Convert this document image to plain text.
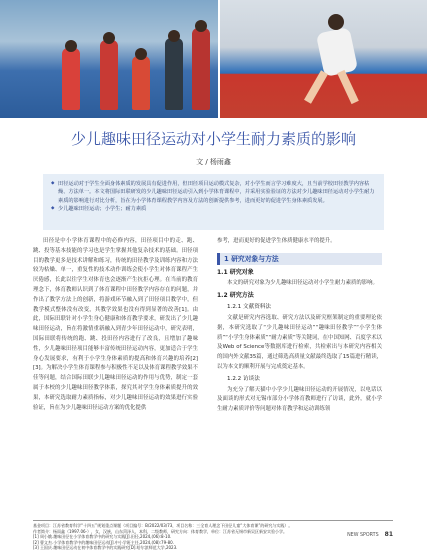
少儿趣味田径运动对小学生耐力素质的影响
文 / 杨雨鑫
◆ 田径运动对于学生全面身体素质的发展具有促进作用，但田径项目运动模式复杂，对小学生而言学习难度大，且当前学校田径教学内容枯燥、方法单一。本文将国际田联研发的少儿趣味田径运动引入到小学体育课程中，并采用实验验证的方法对少儿趣味田径运动对小学生耐力素质的影响进行对比分析，旨在为小学体育课程教学内容及方法的创新提供参考，进而更好的促进学生身体素质发展。
◆ 少儿趣味田径运动；小学生；耐力素质

田径是中小学体育课程中的必修内容，田径项目中的走、跑、跳、投等基本技能的学习也是学生掌握其他复杂技术的基础。田径项目的教学更多是技术讲解和练习，传统的田径教学及训练内容和方法较为枯燥、单一，重复性的技术动作训练会使小学生对体育课程产生厌倦感，长此以往学生对体育也会逐渐产生抗拒心理。在当前的教育理念下，体育教师认识到了体育课程中田径教学内容存在的问题，并作出了教学方法上的创新，将游戏环节融入到了田径项目教学中，但教学模式整体没有改变，其教学效果也没有得到显著的改善[1]。由此，国际田联针对小学生身心健康和体育教学要求，研发出了少儿趣味田径运动，旨在将激情重新融入到青少年田径运动中，研究表明，国际田联将传统的跑、跳、投田径内容进行了改良，且增加了趣味性，少儿趣味田径项目能够丰富传统田径运动内容，更加适合于学生身心发展要求，有利于小学生身体素质的提高和体育兴趣的培养[2][3]。为解决小学生体育课程参与积极性不足以及体育课程教学效果不佳等问题，结合国际田联少儿趣味田径运动的作用与优势，制定一套属于本校的少儿趣味田径教学体系，探究其对学生身体素质提升的效果，本研究选取耐力素质指标，对少儿趣味田径运动的效果进行实验验证，旨在为少儿趣味田径运动方案的优化提供

参考，进而更好的促进学生体质健康水平的提升。

1 研究对象与方法
1.1 研究对象

本文的研究对象为少儿趣味田径运动对小学生耐力素质的影响。

1.2 研究方法
1.2.1 文献资料法

文献是研究内容选取、研究方法以及研究框架制定的重要理论依据，本研究选取了“少儿趣味田径运动”“趣味田径教学”“小学生体质”“小学生身体素质”“耐力素质”等关键词，在中国知网、百度学术以及Web of Science等数据库进行检索，共检索出与本研究内容相关的国内外文献35篇，通过筛选高质量文献最终选取了15篇进行精读，以为本文的顺利开展与完成奠定基本。

1.2.2 访谈法

为充分了解天猫中小学少儿趣味田径运动的开展情况，以电话以及面谈的形式对无锡市部分小学体育教师进行了访谈，此外，就小学生耐力素质评价等问题对体育教学和运动训练领

基金项目：江苏省教育科学“十四五”规划重点课题（项目编号：B/2022/03/73，项目名称：三全育人理念下田径儿童“大体育课”的研究与实践）。
作者简介：杨雨鑫（1997.06-），女，汉族，山东菏泽人，本科，二级教师，研究方向：体育教学，单位：江苏省无锡市新吴区新安实验小学。
[1] 周小娥.趣味田径在小学体育教学中的研究与实践[J].田径,2024,(06):8-10.
[2] 曹文杰.小学体育教学中的趣味田径运动[J].中小学班主任,2024,(08):79-80.
[3] 王国庆.趣味田径运动在初中体育教学中的实践研究[D].哈尔滨师范大学,2023.
NEW SPORTS 81
